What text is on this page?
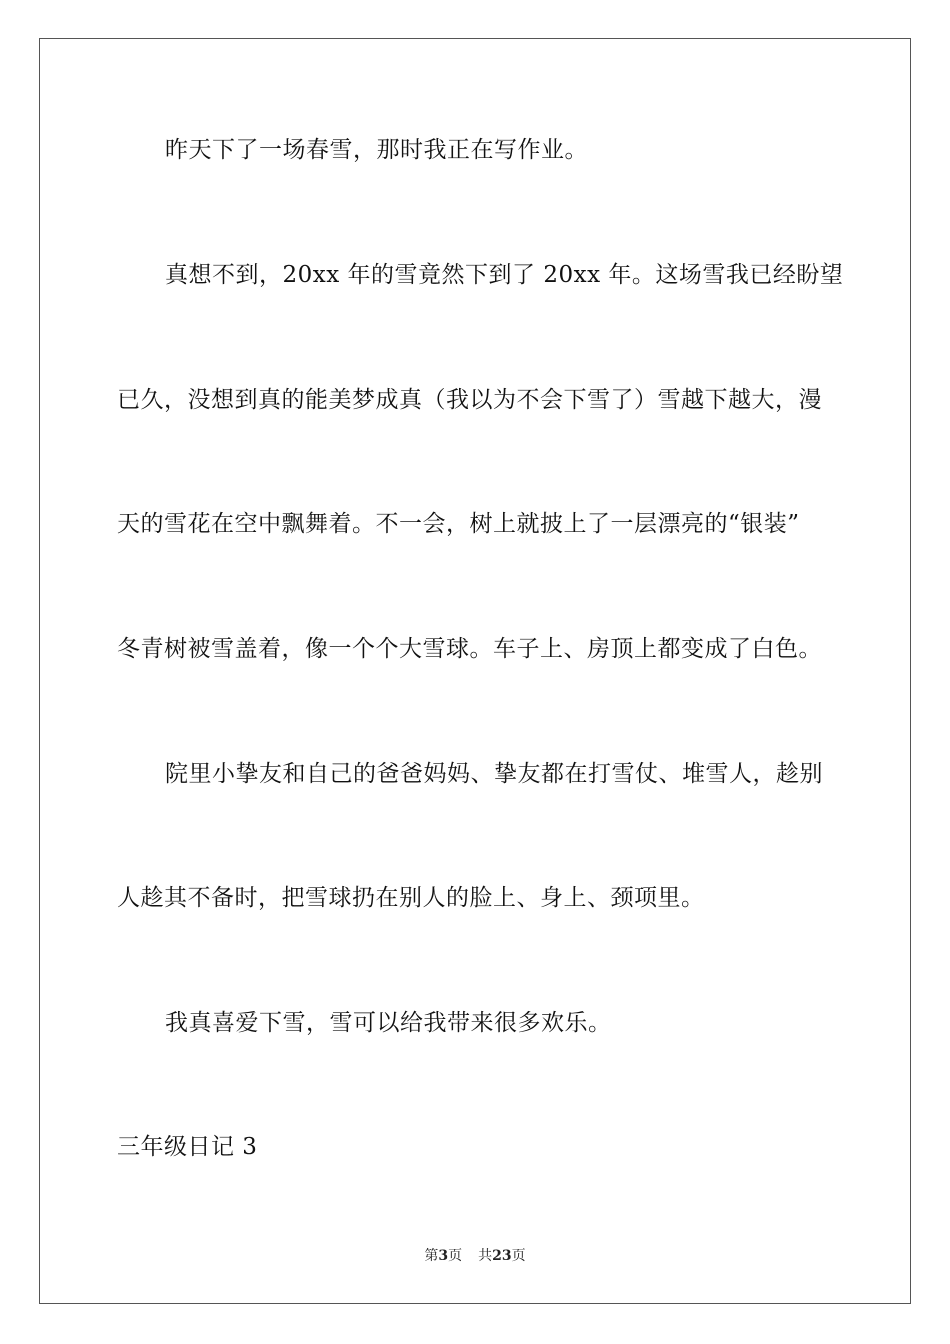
昨天下了一场春雪，那时我正在写作业。
真想不到，20xx 年的雪竟然下到了 20xx 年。这场雪我已经盼望
已久，没想到真的能美梦成真（我以为不会下雪了）雪越下越大，漫
天的雪花在空中飘舞着。不一会，树上就披上了一层漂亮的“银装”
冬青树被雪盖着，像一个个大雪球。车子上、房顶上都变成了白色。
院里小挚友和自己的爸爸妈妈、挚友都在打雪仗、堆雪人，趁别
人趁其不备时，把雪球扔在别人的脸上、身上、颈项里。
我真喜爱下雪，雪可以给我带来很多欢乐。
三年级日记 3
第3页 共23页
